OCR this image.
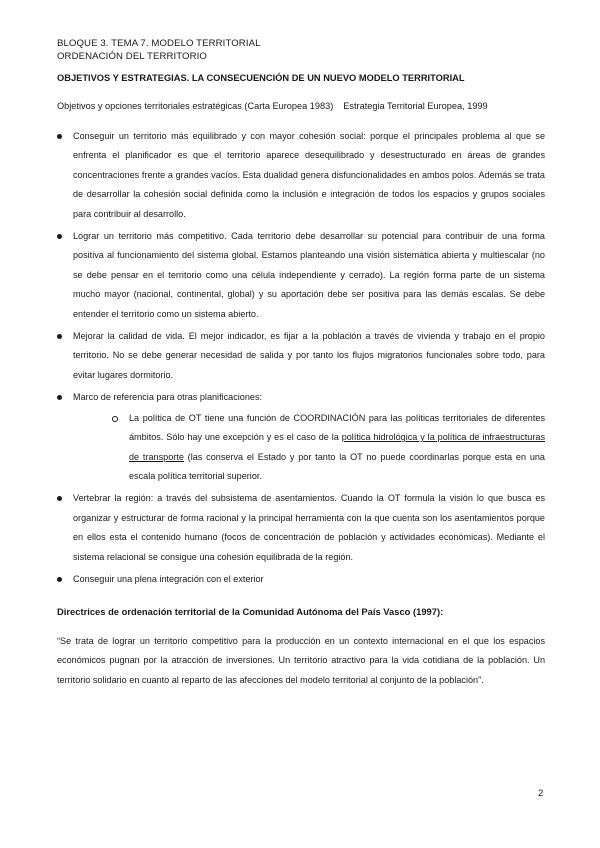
BLOQUE 3. TEMA 7. MODELO TERRITORIAL
ORDENACIÓN DEL TERRITORIO
OBJETIVOS Y ESTRATEGIAS. LA CONSECUENCIÓN DE UN NUEVO MODELO TERRITORIAL
Objetivos y opciones territoriales estratégicas (Carta Europea 1983) Estrategia Territorial Europea, 1999
Conseguir un territorio más equilibrado y con mayor cohesión social: porque el principales problema al que se enfrenta el planificador es que el territorio aparece desequilibrado y desestructurado en áreas de grandes concentraciones frente a grandes vacíos. Esta dualidad genera disfuncionalidades en ambos polos. Además se trata de desarrollar la cohesión social definida como la inclusión e integración de todos los espacios y grupos sociales para contribuir al desarrollo.
Lograr un territorio más competitivo. Cada territorio debe desarrollar su potencial para contribuir de una forma positiva al funcionamiento del sistema global. Estamos planteando una visión sistemática abierta y multiescalar (no se debe pensar en el territorio como una célula independiente y cerrado). La región forma parte de un sistema mucho mayor (nacional, continental, global) y su aportación debe ser positiva para las demás escalas. Se debe entender el territorio como un sistema abierto.
Mejorar la calidad de vida. El mejor indicador, es fijar a la población a través de vivienda y trabajo en el propio territorio. No se debe generar necesidad de salida y por tanto los flujos migratorios funcionales sobre todo, para evitar lugares dormitorio.
Marco de referencia para otras planificaciones:
La política de OT tiene una función de COORDINACIÓN para las políticas territoriales de diferentes ámbitos. Sólo hay une excepción y es el caso de la política hidrológica y la política de infraestructuras de transporte (las conserva el Estado y por tanto la OT no puede coordinarlas porque esta en una escala política territorial superior.
Vertebrar la región: a través del subsistema de asentamientos. Cuando la OT formula la visión lo que busca es organizar y estructurar de forma racional y la principal herramienta con la que cuenta son los asentamientos porque en ellos esta el contenido humano (focos de concentración de población y actividades económicas). Mediante el sistema relacional se consigue una cohesión equilibrada de la región.
Conseguir una plena integración con el exterior
Directrices de ordenación territorial de la Comunidad Autónoma del País Vasco (1997):
“Se trata de lograr un territorio competitivo para la producción en un contexto internacional en el que los espacios económicos pugnan por la atracción de inversiones. Un territorio atractivo para la vida cotidiana de la población. Un territorio solidario en cuanto al reparto de las afecciones del modelo territorial al conjunto de la población”.
2
